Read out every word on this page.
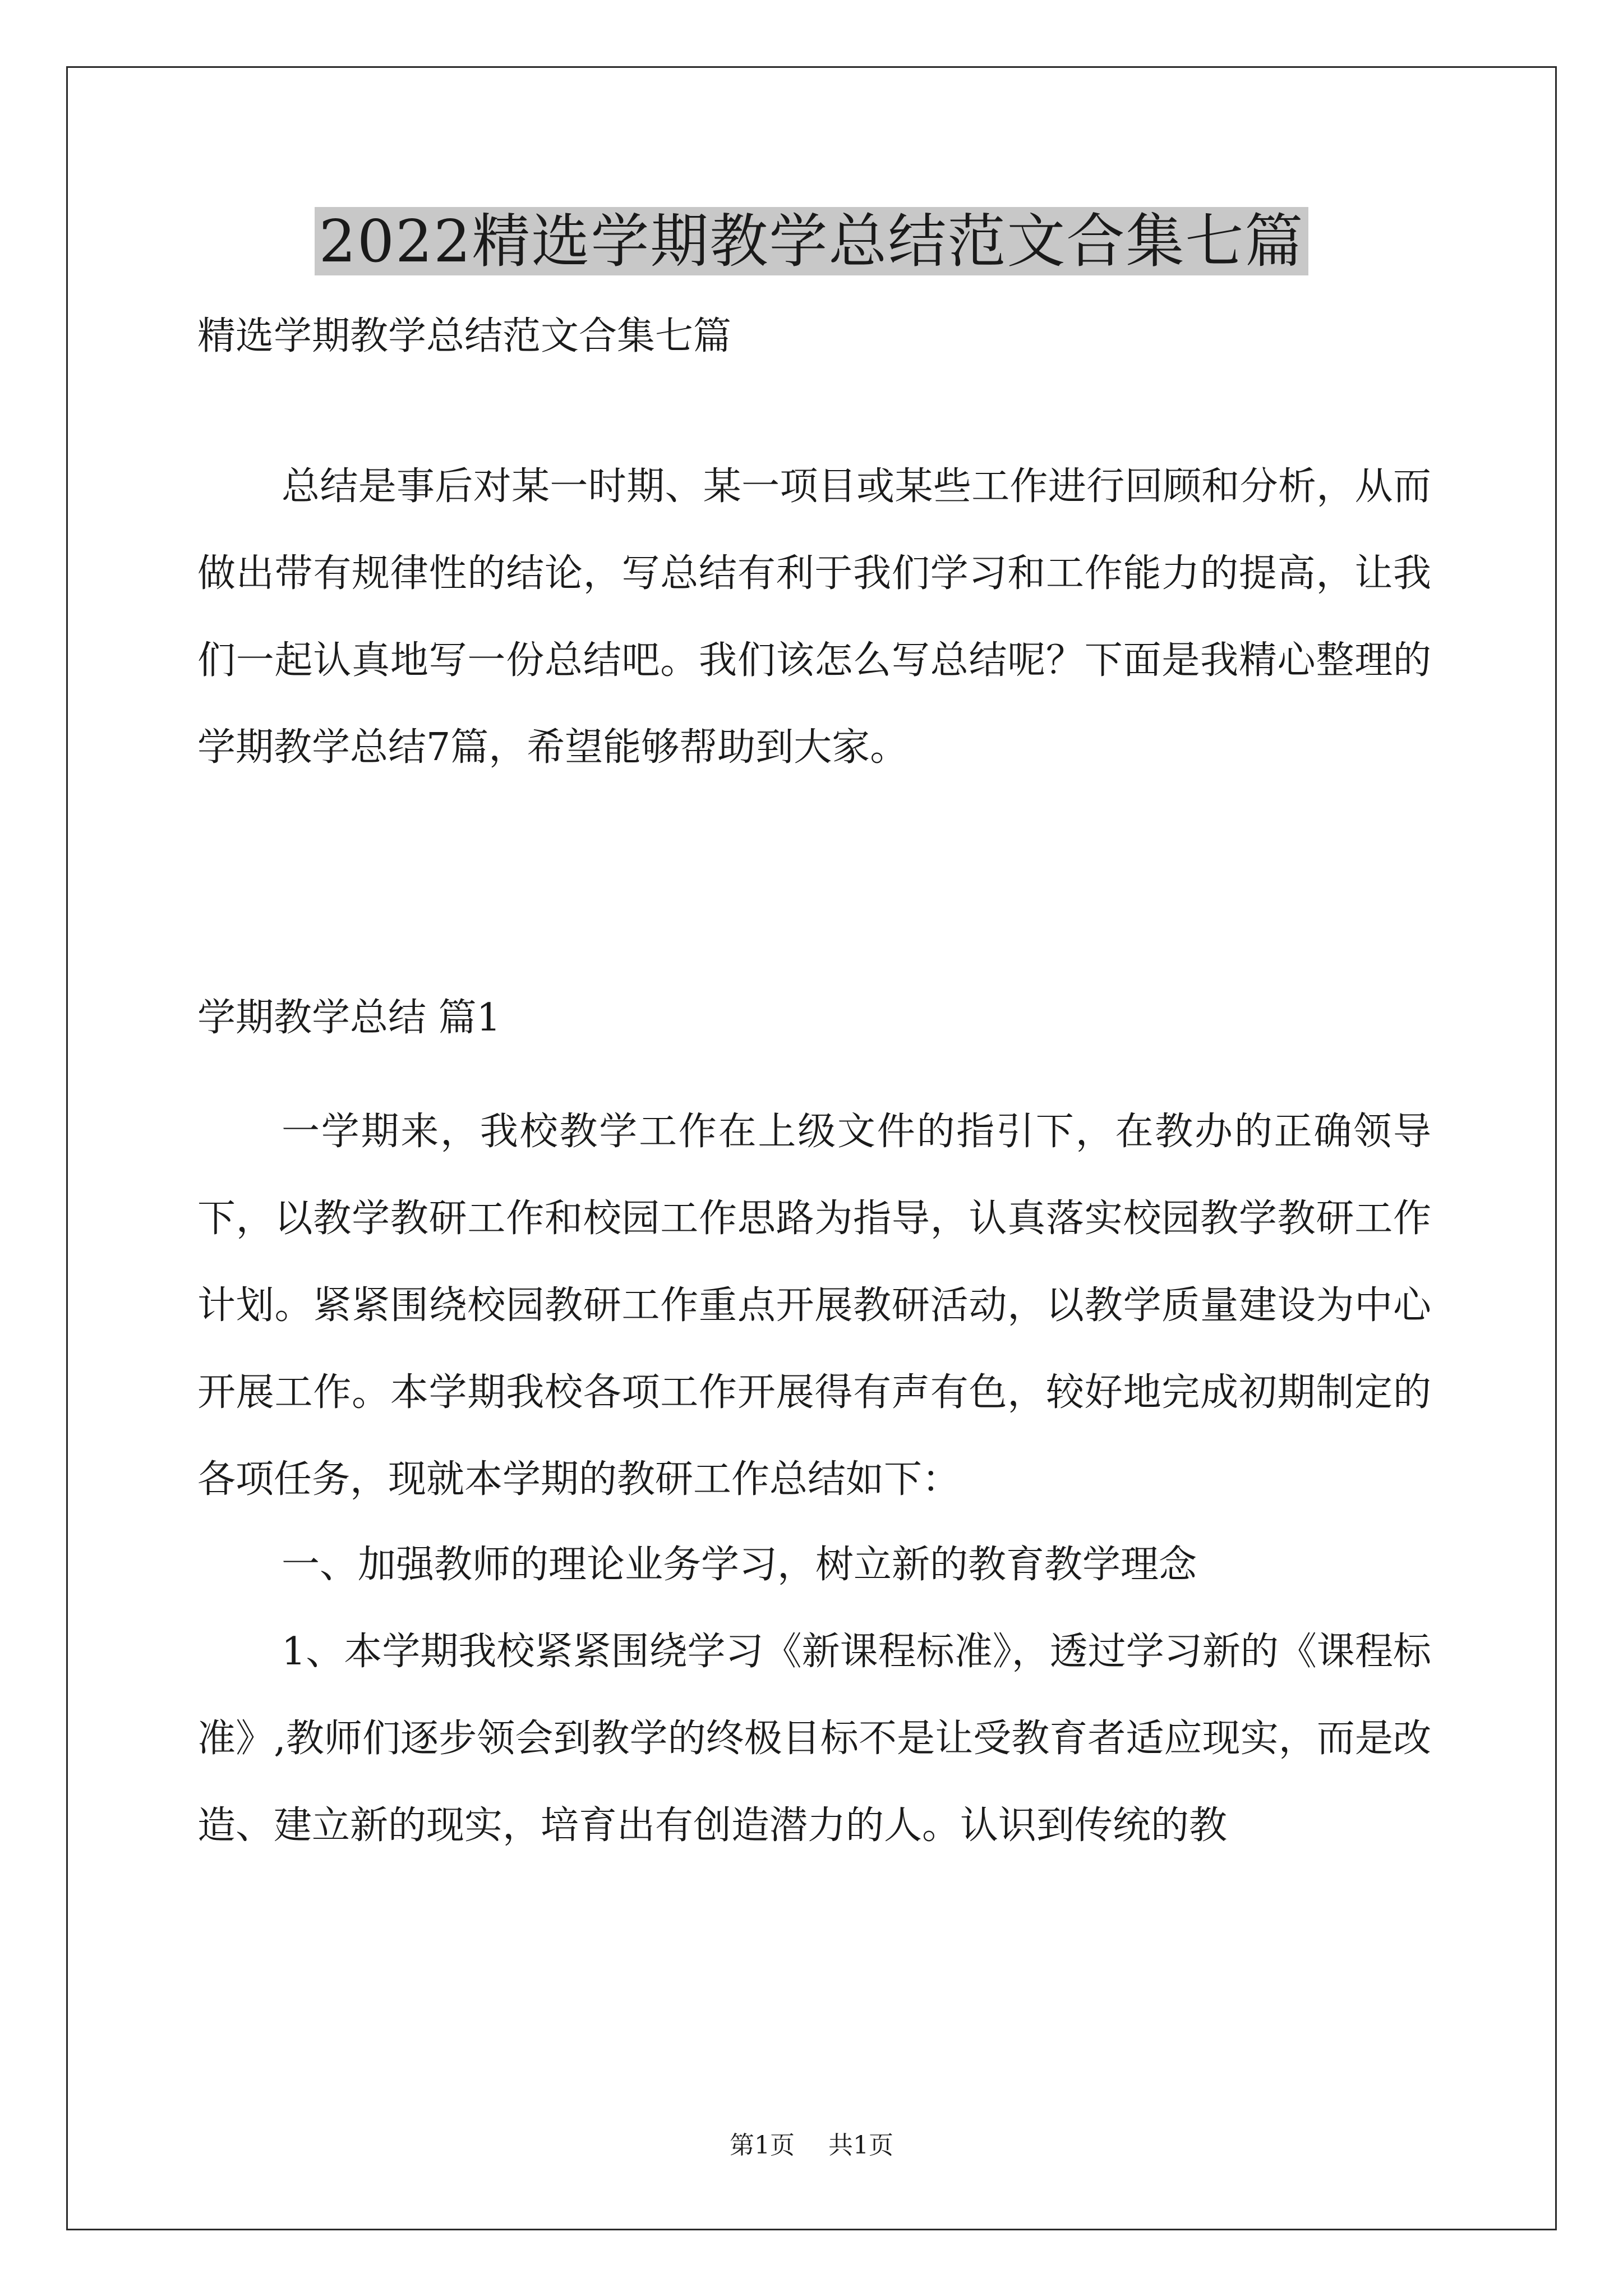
2022精选学期教学总结范文合集七篇
精选学期教学总结范文合集七篇

总结是事后对某一时期、某一项目或某些工作进行回顾和分析，从而做出带有规律性的结论，写总结有利于我们学习和工作能力的提高，让我们一起认真地写一份总结吧。我们该怎么写总结呢？下面是我精心整理的学期教学总结7篇，希望能够帮助到大家。

学期教学总结 篇1

一学期来，我校教学工作在上级文件的指引下，在教办的正确领导下，以教学教研工作和校园工作思路为指导，认真落实校园教学教研工作计划。紧紧围绕校园教研工作重点开展教研活动，以教学质量建设为中心开展工作。本学期我校各项工作开展得有声有色，较好地完成初期制定的各项任务，现就本学期的教研工作总结如下：

一、加强教师的理论业务学习，树立新的教育教学理念

1、本学期我校紧紧围绕学习《新课程标准》，透过学习新的《课程标准》,教师们逐步领会到教学的终极目标不是让受教育者适应现实，而是改造、建立新的现实，培育出有创造潜力的人。认识到传统的教

第1页 共1页
